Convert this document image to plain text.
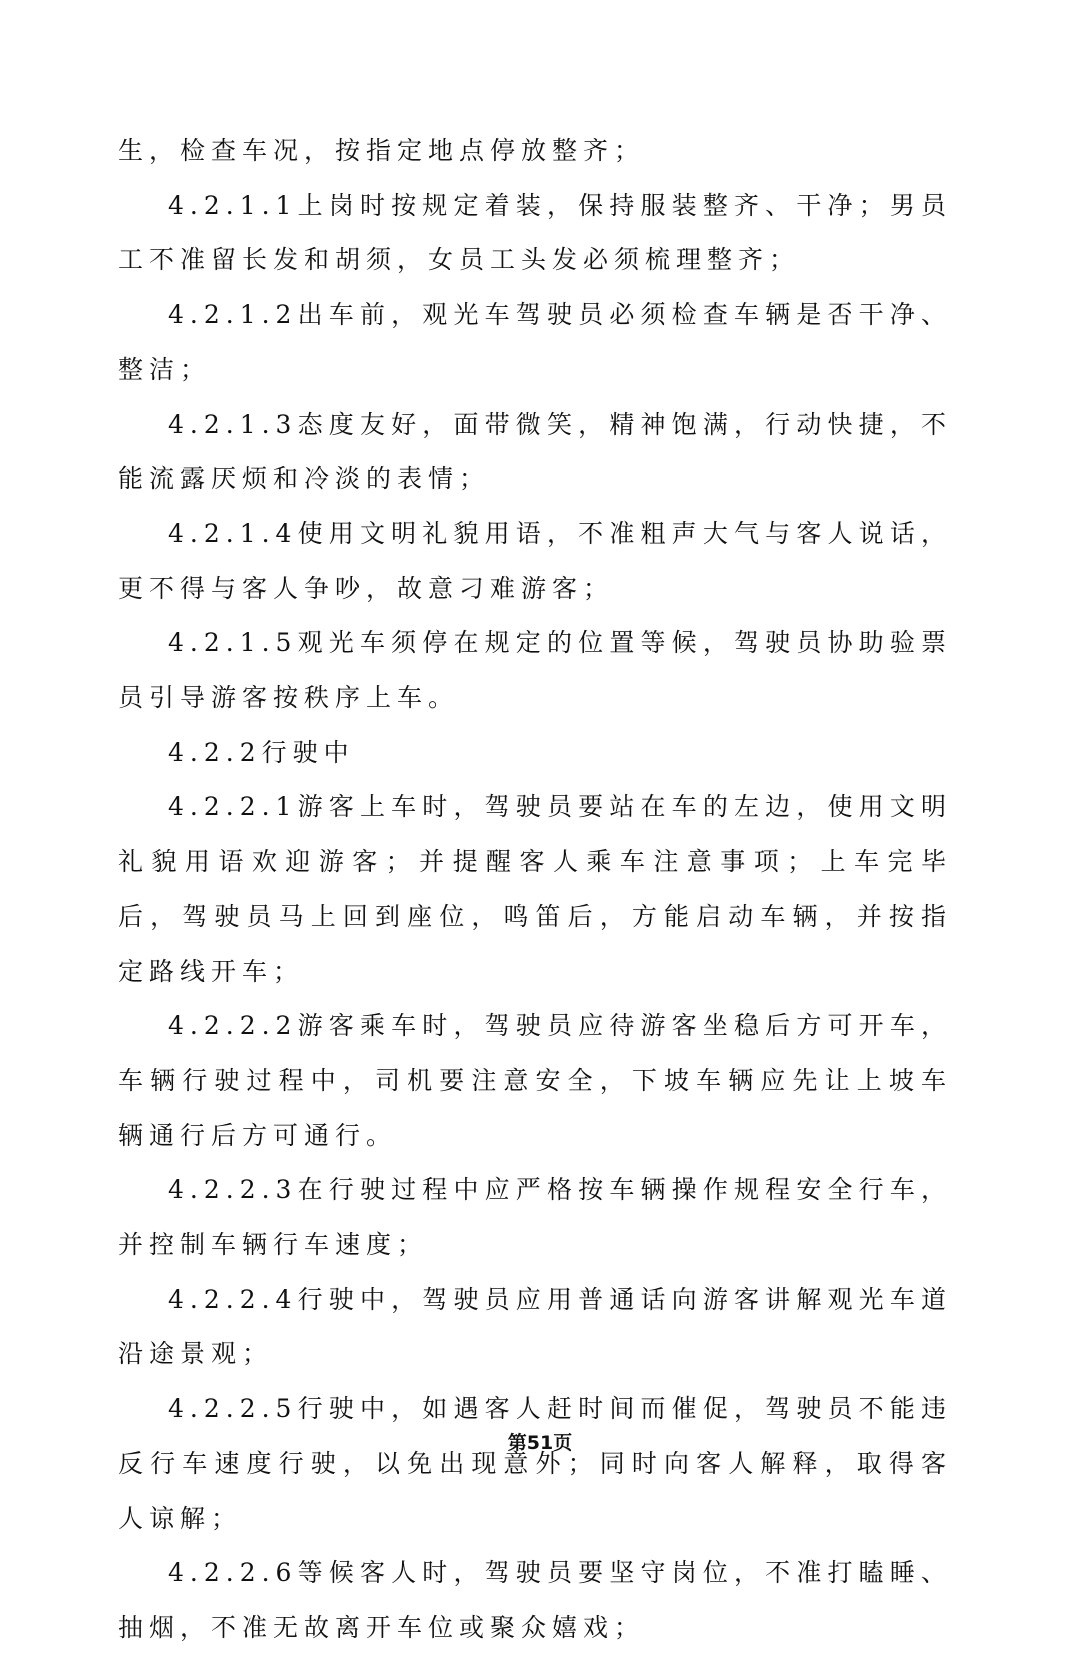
生，检查车况，按指定地点停放整齐；

4.2.1.1上岗时按规定着装，保持服装整齐、干净；男员工不准留长发和胡须，女员工头发必须梳理整齐；

4.2.1.2出车前，观光车驾驶员必须检查车辆是否干净、整洁；

4.2.1.3态度友好，面带微笑，精神饱满，行动快捷，不能流露厌烦和冷淡的表情；

4.2.1.4使用文明礼貌用语，不准粗声大气与客人说话，更不得与客人争吵，故意刁难游客；

4.2.1.5观光车须停在规定的位置等候，驾驶员协助验票员引导游客按秩序上车。

4.2.2行驶中

4.2.2.1游客上车时，驾驶员要站在车的左边，使用文明礼貌用语欢迎游客；并提醒客人乘车注意事项；上车完毕后，驾驶员马上回到座位，鸣笛后，方能启动车辆，并按指定路线开车；

4.2.2.2游客乘车时，驾驶员应待游客坐稳后方可开车，车辆行驶过程中，司机要注意安全，下坡车辆应先让上坡车辆通行后方可通行。

4.2.2.3在行驶过程中应严格按车辆操作规程安全行车，并控制车辆行车速度；

4.2.2.4行驶中，驾驶员应用普通话向游客讲解观光车道沿途景观；

4.2.2.5行驶中，如遇客人赶时间而催促，驾驶员不能违反行车速度行驶，以免出现意外；同时向客人解释，取得客人谅解；

4.2.2.6等候客人时，驾驶员要坚守岗位，不准打瞌睡、抽烟，不准无故离开车位或聚众嬉戏；

第51页
